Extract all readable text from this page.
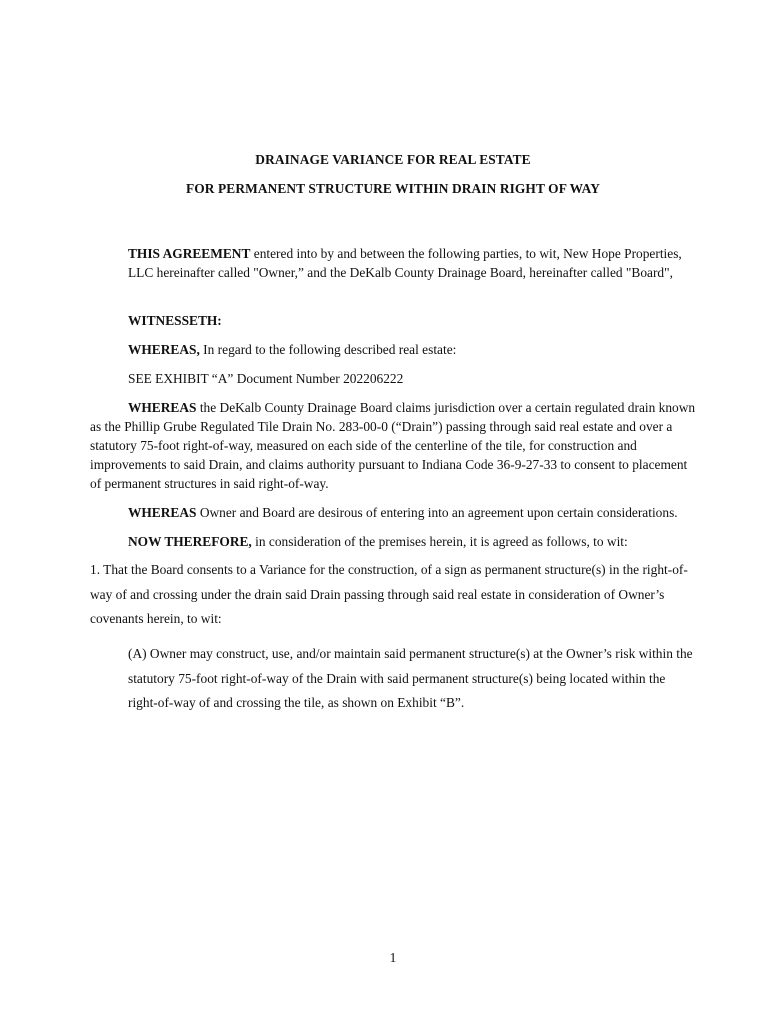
DRAINAGE VARIANCE FOR REAL ESTATE
FOR PERMANENT STRUCTURE WITHIN DRAIN RIGHT OF WAY
THIS AGREEMENT entered into by and between the following parties, to wit, New Hope Properties, LLC hereinafter called "Owner,” and the DeKalb County Drainage Board, hereinafter called "Board",
WITNESSETH:
WHEREAS, In regard to the following described real estate:
SEE EXHIBIT “A” Document Number 202206222
WHEREAS the DeKalb County Drainage Board claims jurisdiction over a certain regulated drain known as the Phillip Grube Regulated Tile Drain No. 283-00-0 (“Drain”) passing through said real estate and over a statutory 75-foot right-of-way, measured on each side of the centerline of the tile, for construction and improvements to said Drain, and claims authority pursuant to Indiana Code 36-9-27-33 to consent to placement of permanent structures in said right-of-way.
WHEREAS Owner and Board are desirous of entering into an agreement upon certain considerations.
NOW THEREFORE, in consideration of the premises herein, it is agreed as follows, to wit:
1. That the Board consents to a Variance for the construction, of a sign as permanent structure(s) in the right-of-way of and crossing under the drain said Drain passing through said real estate in consideration of Owner’s covenants herein, to wit:
(A) Owner may construct, use, and/or maintain said permanent structure(s) at the Owner’s risk within the statutory 75-foot right-of-way of the Drain with said permanent structure(s) being located within the right-of-way of and crossing the tile, as shown on Exhibit “B”.
1
